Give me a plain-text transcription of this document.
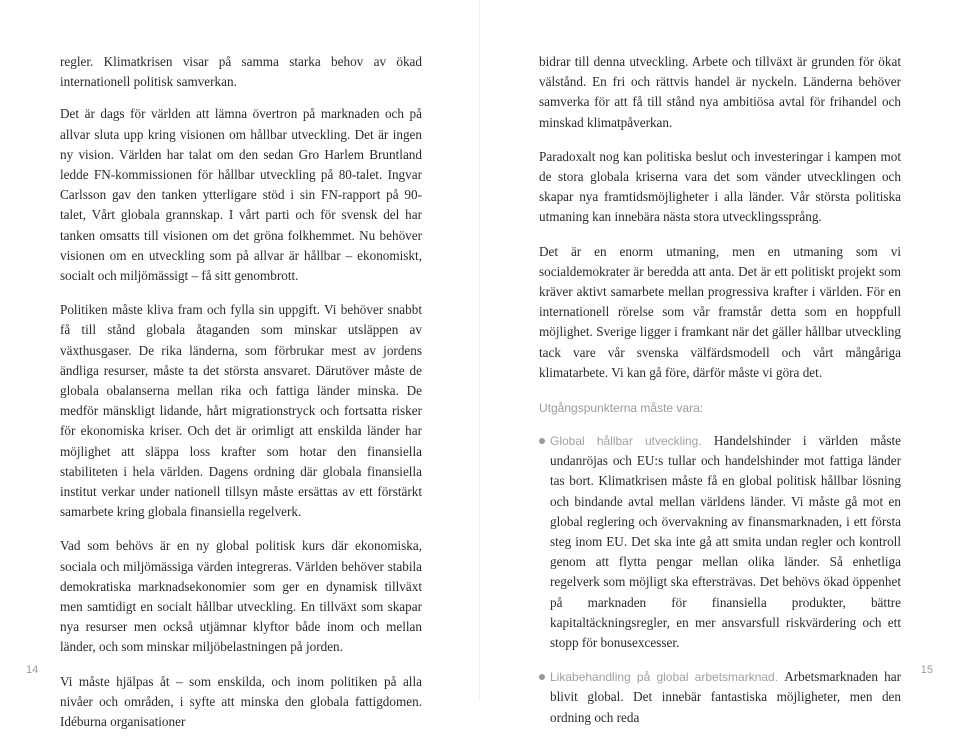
regler. Klimatkrisen visar på samma starka behov av ökad internationell politisk samverkan.

Det är dags för världen att lämna övertron på marknaden och på allvar sluta upp kring visionen om hållbar utveckling. Det är ingen ny vision. Världen har talat om den sedan Gro Harlem Bruntland ledde FN-kommissionen för hållbar utveckling på 80-talet. Ingvar Carlsson gav den tanken ytterligare stöd i sin FN-rapport på 90-talet, Vårt globala grannskap. I vårt parti och för svensk del har tanken omsatts till visionen om det gröna folkhemmet. Nu behöver visionen om en utveckling som på allvar är hållbar – ekonomiskt, socialt och miljömässigt – få sitt genombrott.

Politiken måste kliva fram och fylla sin uppgift. Vi behöver snabbt få till stånd globala åtaganden som minskar utsläppen av växthusgaser. De rika länderna, som förbrukar mest av jordens ändliga resurser, måste ta det största ansvaret. Därutöver måste de globala obalanserna mellan rika och fattiga länder minska. De medför mänskligt lidande, hårt migrationstryck och fortsatta risker för ekonomiska kriser. Och det är orimligt att enskilda länder har möjlighet att släppa loss krafter som hotar den finansiella stabiliteten i hela världen. Dagens ordning där globala finansiella institut verkar under nationell tillsyn måste ersättas av ett förstärkt samarbete kring globala finansiella regelverk.

Vad som behövs är en ny global politisk kurs där ekonomiska, sociala och miljömässiga värden integreras. Världen behöver stabila demokratiska marknadsekonomier som ger en dynamisk tillväxt men samtidigt en socialt hållbar utveckling. En tillväxt som skapar nya resurser men också utjämnar klyftor både inom och mellan länder, och som minskar miljöbelastningen på jorden.

Vi måste hjälpas åt – som enskilda, och inom politiken på alla nivåer och områden, i syfte att minska den globala fattigdomen. Idéburna organisationer

14

bidrar till denna utveckling. Arbete och tillväxt är grunden för ökat välstånd. En fri och rättvis handel är nyckeln. Länderna behöver samverka för att få till stånd nya ambitiösa avtal för frihandel och minskad klimatpåverkan.

Paradoxalt nog kan politiska beslut och investeringar i kampen mot de stora globala kriserna vara det som vänder utvecklingen och skapar nya framtidsmöjligheter i alla länder. Vår största politiska utmaning kan innebära nästa stora utvecklingssprång.

Det är en enorm utmaning, men en utmaning som vi socialdemokrater är beredda att anta. Det är ett politiskt projekt som kräver aktivt samarbete mellan progressiva krafter i världen. För en internationell rörelse som vår framstår detta som en hoppfull möjlighet. Sverige ligger i framkant när det gäller hållbar utveckling tack vare vår svenska välfärdsmodell och vårt mångåriga klimatarbete. Vi kan gå före, därför måste vi göra det.

Utgångspunkterna måste vara:
Global hållbar utveckling. Handelshinder i världen måste undanröjas och EU:s tullar och handelshinder mot fattiga länder tas bort. Klimatkrisen måste få en global politisk hållbar lösning och bindande avtal mellan världens länder. Vi måste gå mot en global reglering och övervakning av finansmarknaden, i ett första steg inom EU. Det ska inte gå att smita undan regler och kontroll genom att flytta pengar mellan olika länder. Så enhetliga regelverk som möjligt ska eftersträvas. Det behövs ökad öppenhet på marknaden för finansiella produkter, bättre kapitaltäckningsregler, en mer ansvarsfull riskvärdering och ett stopp för bonusexcesser.
Likabehandling på global arbetsmarknad. Arbetsmarknaden har blivit global. Det innebär fantastiska möjligheter, men den ordning och reda
15
